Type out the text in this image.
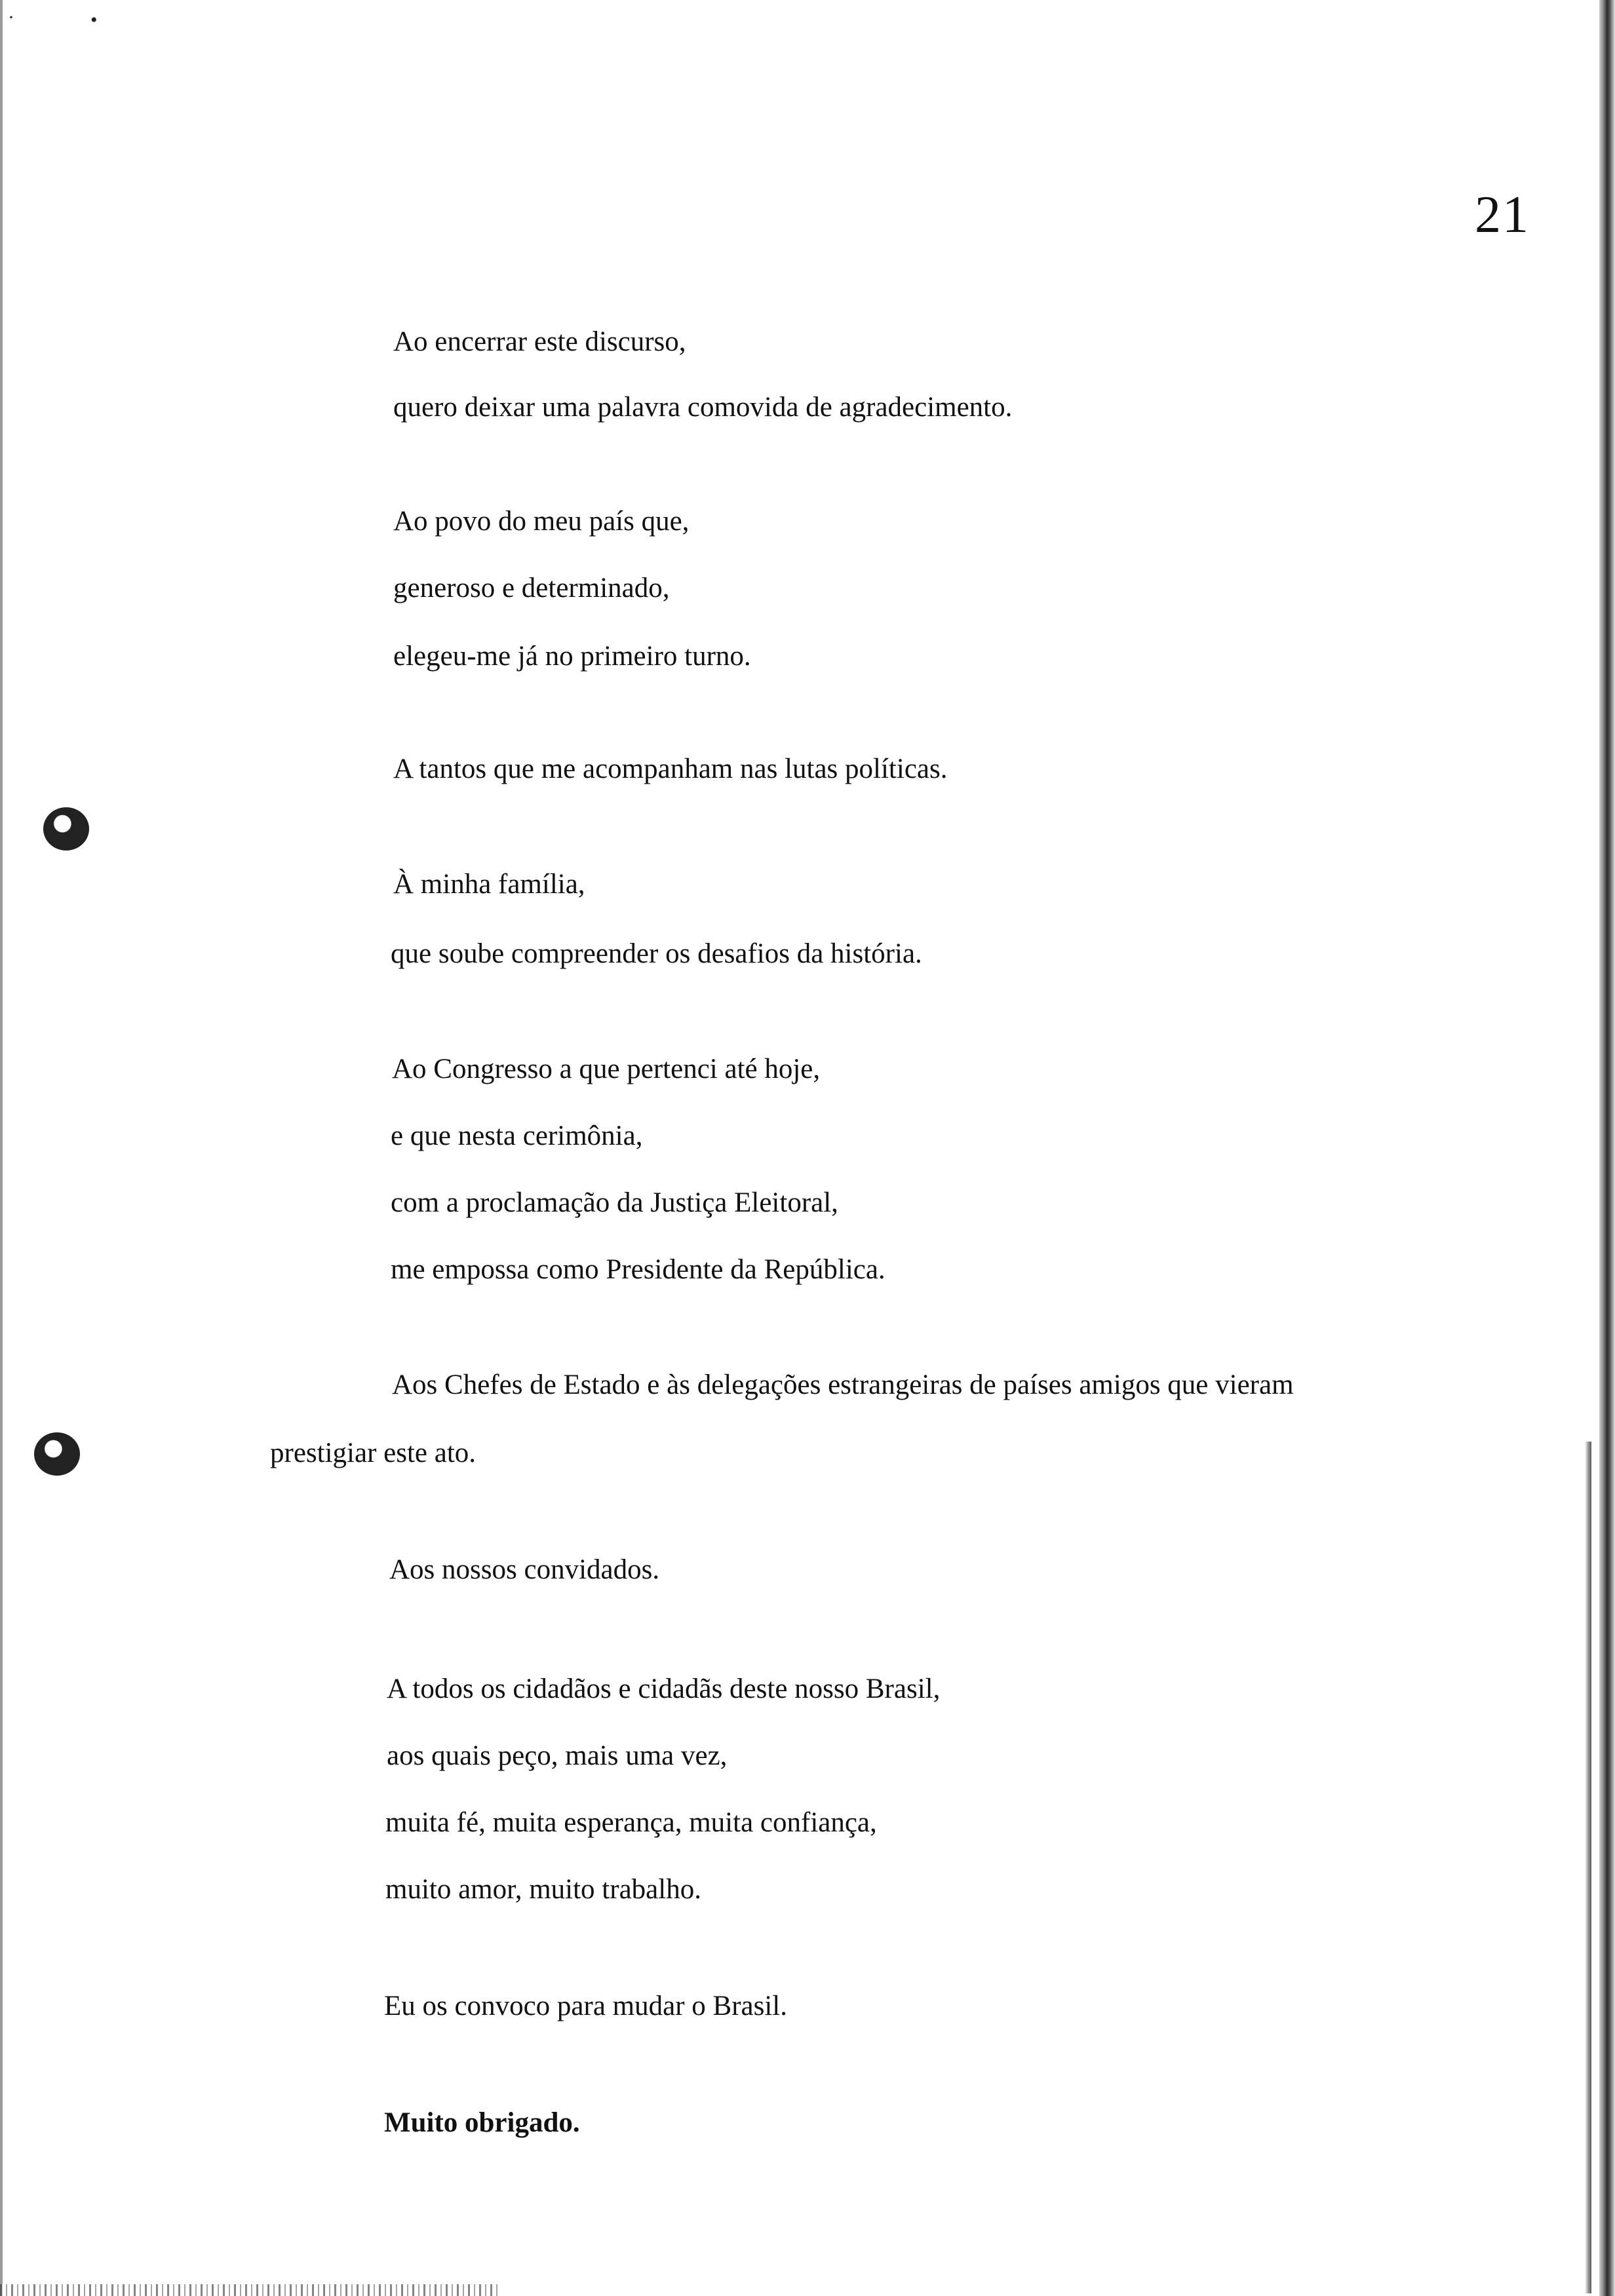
·	•
21
Ao encerrar este discurso,
quero deixar uma palavra comovida de agradecimento.
Ao povo do meu país que,
generoso e determinado,
elegeu-me já no primeiro turno.
A tantos que me acompanham nas lutas políticas.
À minha família,
que soube compreender os desafios da história.
Ao Congresso a que pertenci até hoje,
e que nesta cerimônia,
com a proclamação da Justiça Eleitoral,
me empossa como Presidente da República.
Aos Chefes de Estado e às delegações estrangeiras de países amigos que vieram
prestigiar este ato.
Aos nossos convidados.
A todos os cidadãos e cidadãs deste nosso Brasil,
aos quais peço, mais uma vez,
muita fé, muita esperança, muita confiança,
muito amor, muito trabalho.
Eu os convoco para mudar o Brasil.
Muito obrigado.
